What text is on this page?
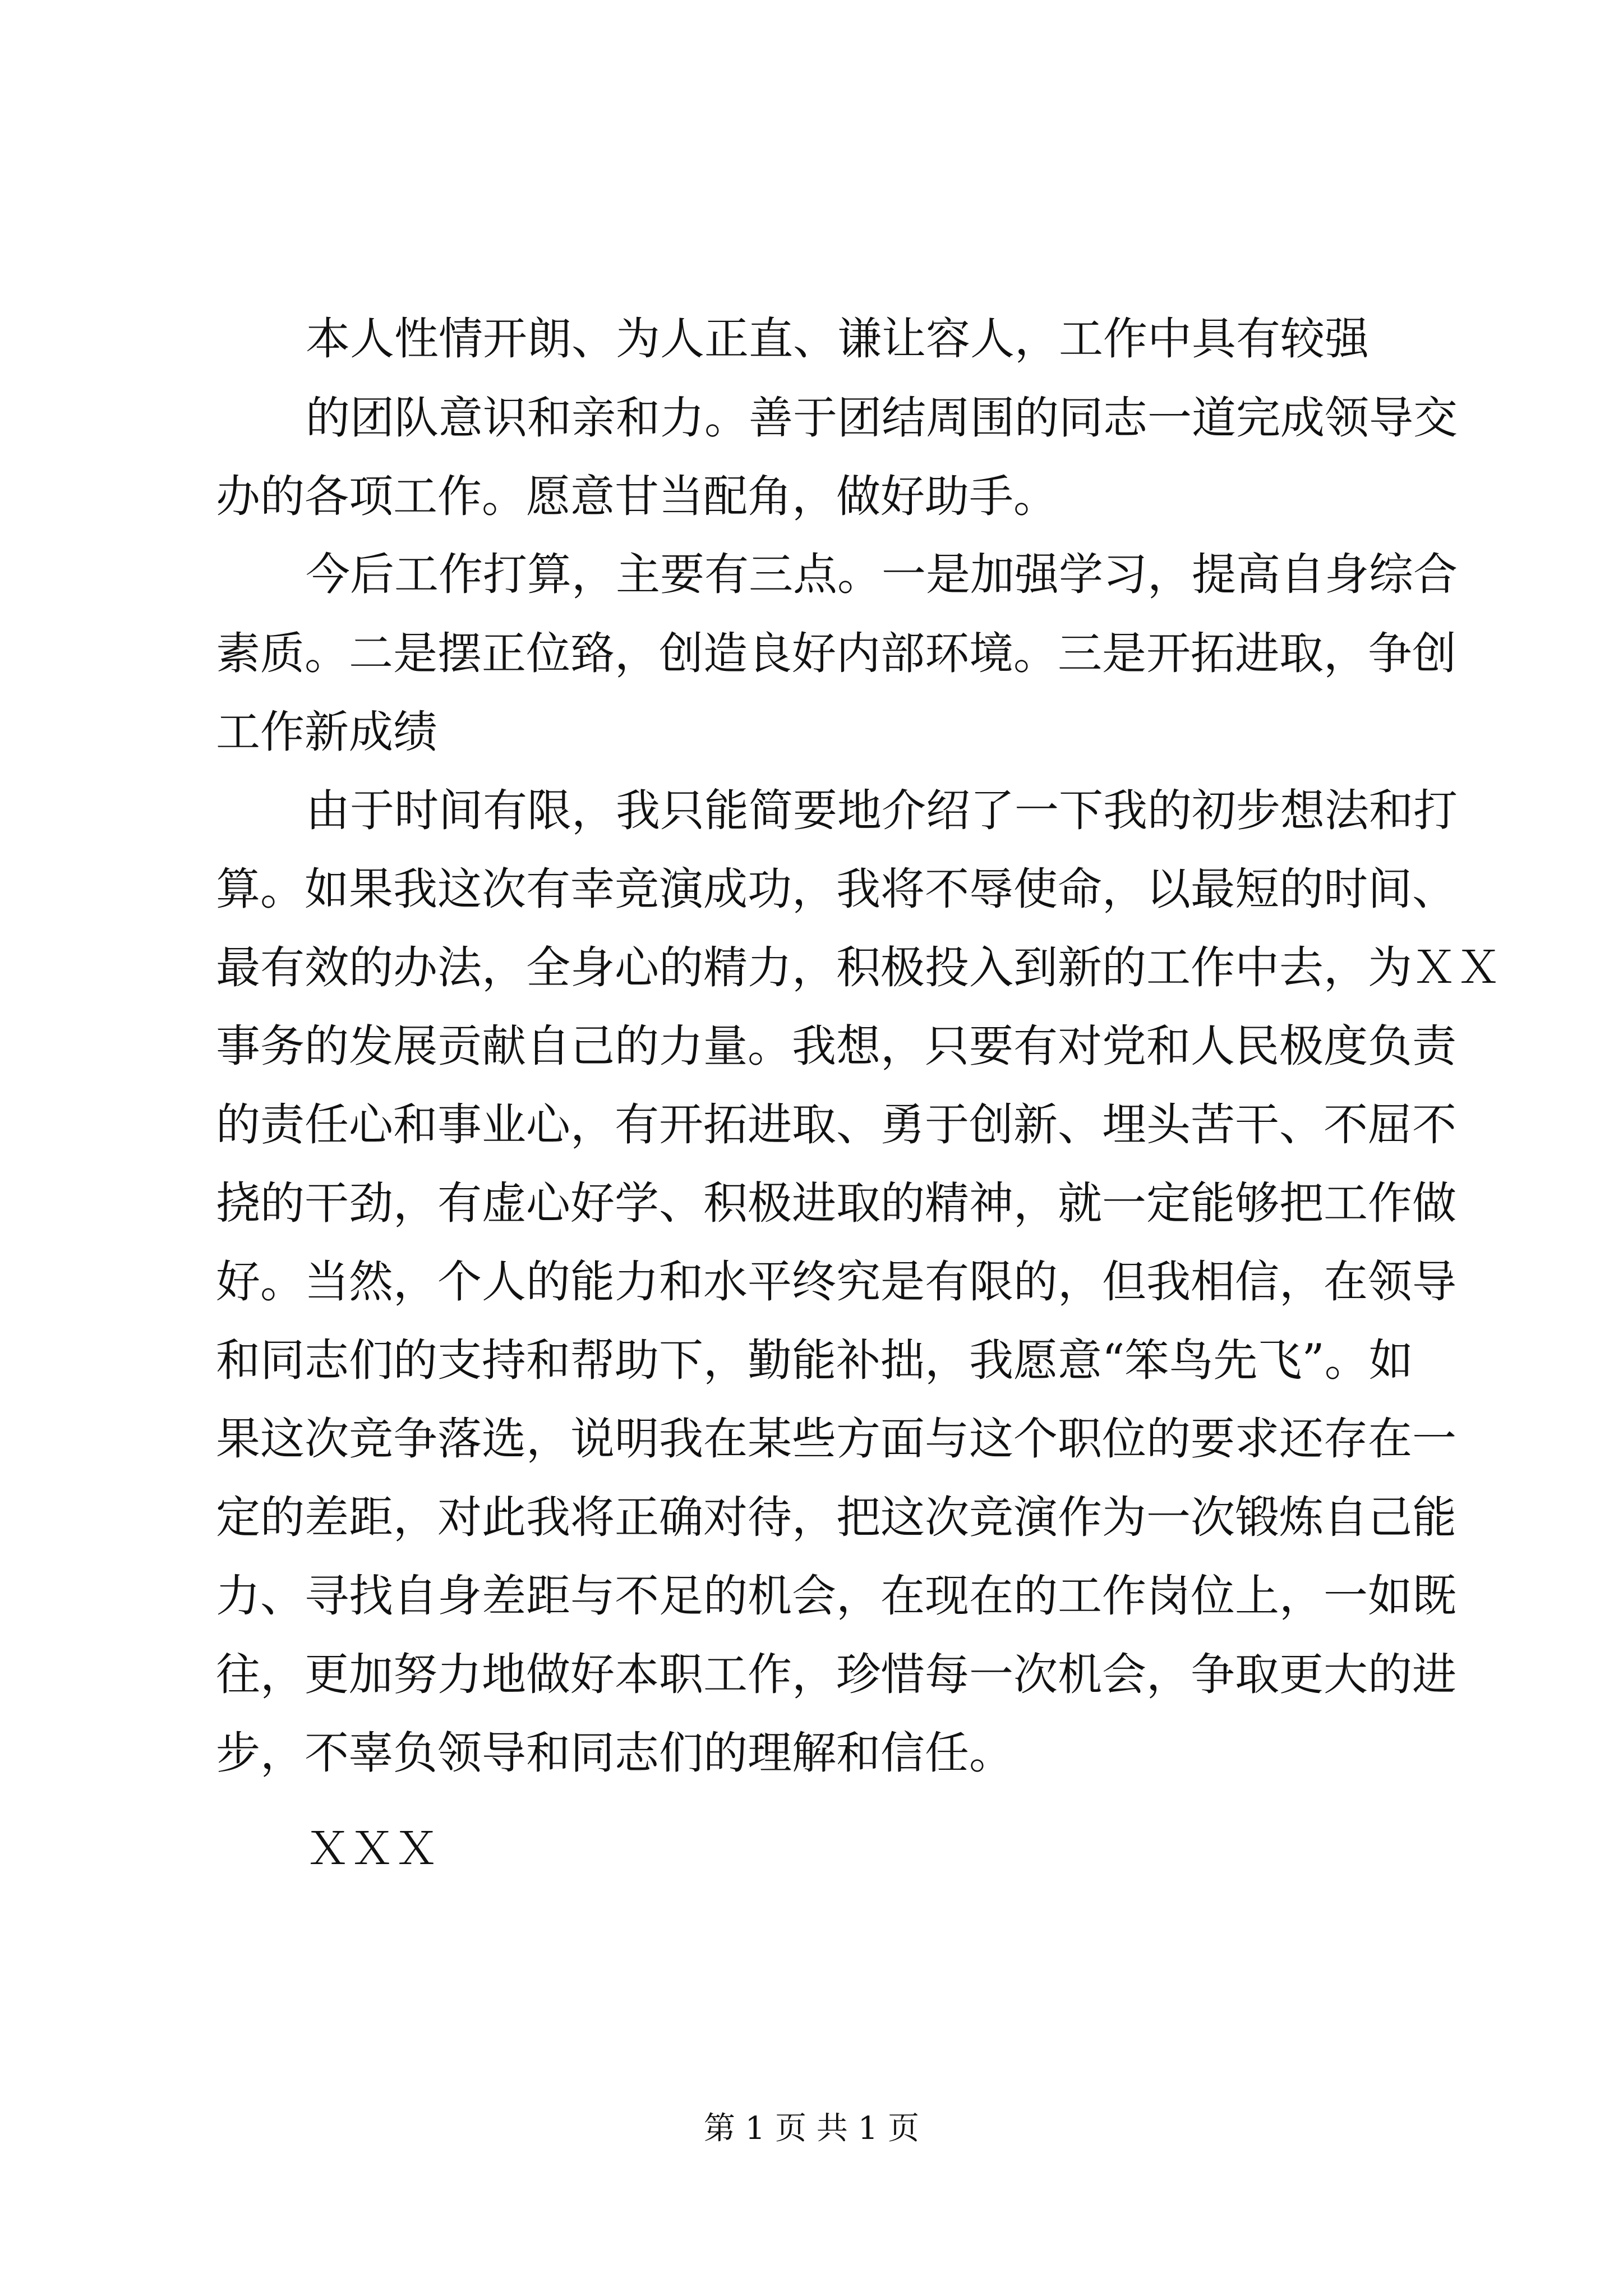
本人性情开朗、为人正直、谦让容人，工作中具有较强
的团队意识和亲和力。善于团结周围的同志一道完成领导交
办的各项工作。愿意甘当配角，做好助手。
今后工作打算，主要有三点。一是加强学习，提高自身综合
素质。二是摆正位臵，创造良好内部环境。三是开拓进取，争创
工作新成绩
由于时间有限，我只能简要地介绍了一下我的初步想法和打
算。如果我这次有幸竞演成功，我将不辱使命，以最短的时间、
最有效的办法，全身心的精力，积极投入到新的工作中去，为ＸＸ
事务的发展贡献自己的力量。我想，只要有对党和人民极度负责
的责任心和事业心，有开拓进取、勇于创新、埋头苦干、不屈不
挠的干劲，有虚心好学、积极进取的精神，就一定能够把工作做
好。当然，个人的能力和水平终究是有限的，但我相信，在领导
和同志们的支持和帮助下，勤能补拙，我愿意“笨鸟先飞”。如
果这次竞争落选，说明我在某些方面与这个职位的要求还存在一
定的差距，对此我将正确对待，把这次竞演作为一次锻炼自己能
力、寻找自身差距与不足的机会，在现在的工作岗位上，一如既
往，更加努力地做好本职工作，珍惜每一次机会，争取更大的进
步，不辜负领导和同志们的理解和信任。
ＸＸＸ
第 1 页 共 1 页
